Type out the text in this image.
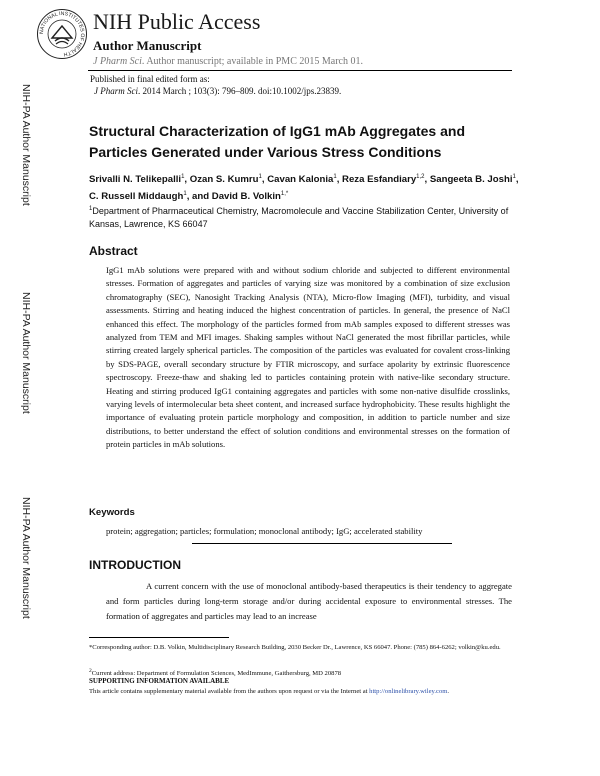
NATIONAL INSTITUTES OF HEALTH
NIH Public Access
Author Manuscript
J Pharm Sci. Author manuscript; available in PMC 2015 March 01.
Published in final edited form as:
J Pharm Sci. 2014 March ; 103(3): 796–809. doi:10.1002/jps.23839.
NIH-PA Author Manuscript
NIH-PA Author Manuscript
NIH-PA Author Manuscript
Structural Characterization of IgG1 mAb Aggregates and
Particles Generated under Various Stress Conditions
Srivalli N. Telikepalli$^1$, Ozan S. Kumru$^1$, Cavan Kalonia$^1$, Reza Esfandiary$^{1,2}$, Sangeeta B. Joshi$^1$, C. Russell Middaugh$^1$, and David B. Volkin$^{1,*}$
$^1$Department of Pharmaceutical Chemistry, Macromolecule and Vaccine Stabilization Center, University of Kansas, Lawrence, KS 66047
Abstract
IgG1 mAb solutions were prepared with and without sodium chloride and subjected to different environmental stresses. Formation of aggregates and particles of varying size was monitored by a combination of size exclusion chromatography (SEC), Nanosight Tracking Analysis (NTA), Micro-flow Imaging (MFI), turbidity, and visual assessments. Stirring and heating induced the highest concentration of particles. In general, the presence of NaCl enhanced this effect. The morphology of the particles formed from mAb samples exposed to different stresses was analyzed from TEM and MFI images. Shaking samples without NaCl generated the most fibrillar particles, while stirring created largely spherical particles. The composition of the particles was evaluated for covalent cross-linking by SDS-PAGE, overall secondary structure by FTIR microscopy, and surface apolarity by extrinsic fluorescence spectroscopy. Freeze-thaw and shaking led to particles containing protein with native-like secondary structure. Heating and stirring produced IgG1 containing aggregates and particles with some non-native disulfide crosslinks, varying levels of intermolecular beta sheet content, and increased surface hydrophobicity. These results highlight the importance of evaluating protein particle morphology and composition, in addition to particle number and size distributions, to better understand the effect of solution conditions and environmental stresses on the formation of protein particles in mAb solutions.
Keywords
protein; aggregation; particles; formulation; monoclonal antibody; IgG; accelerated stability
INTRODUCTION
A current concern with the use of monoclonal antibody-based therapeutics is their tendency to aggregate and form particles during long-term storage and/or during accidental exposure to environmental stresses. The formation of aggregates and particles may lead to an increase
*Corresponding author: D.B. Volkin, Multidisciplinary Research Building, 2030 Becker Dr., Lawrence, KS 66047. Phone: (785) 864-6262; volkin@ku.edu.
$^2$Current address: Department of Formulation Sciences, MedImmune, Gaithersburg, MD 20878
SUPPORTING INFORMATION AVAILABLE
This article contains supplementary material available from the authors upon request or via the Internet at http://onlinelibrary.wiley.com.
